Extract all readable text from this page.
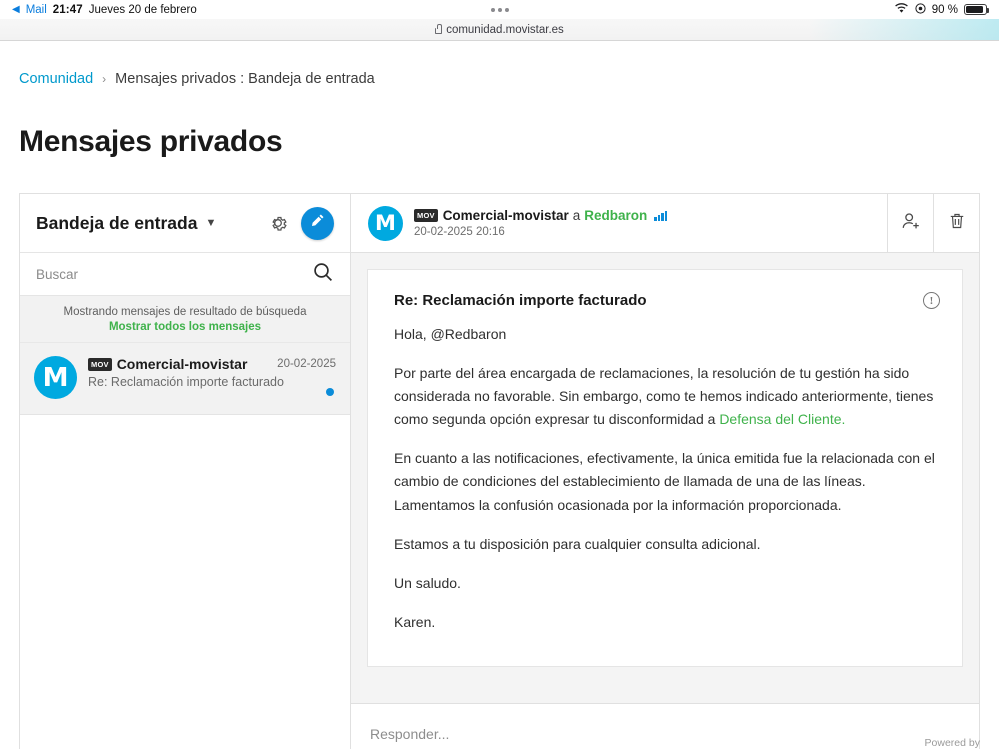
◀ Mail 21:47 Jueves 20 de febrero	90 %
comunidad.movistar.es
Comunidad › Mensajes privados : Bandeja de entrada
Mensajes privados
Bandeja de entrada ▼
Buscar
Mostrando mensajes de resultado de búsqueda
Mostrar todos los mensajes
M	MOV Comercial-movistar	20-02-2025
Re: Reclamación importe facturado
M	MOV Comercial-movistar a Redbaron
20-02-2025 20:16
!
Re: Reclamación importe facturado

Hola, @Redbaron

Por parte del área encargada de reclamaciones, la resolución de tu gestión ha sido considerada no favorable. Sin embargo, como te hemos indicado anteriormente, tienes como segunda opción expresar tu disconformidad a Defensa del Cliente.

En cuanto a las notificaciones, efectivamente, la única emitida fue la relacionada con el cambio de condiciones del establecimiento de llamada de una de las líneas. Lamentamos la confusión ocasionada por la información proporcionada.

Estamos a tu disposición para cualquier consulta adicional.

Un saludo.

Karen.

Responder...
Powered by
